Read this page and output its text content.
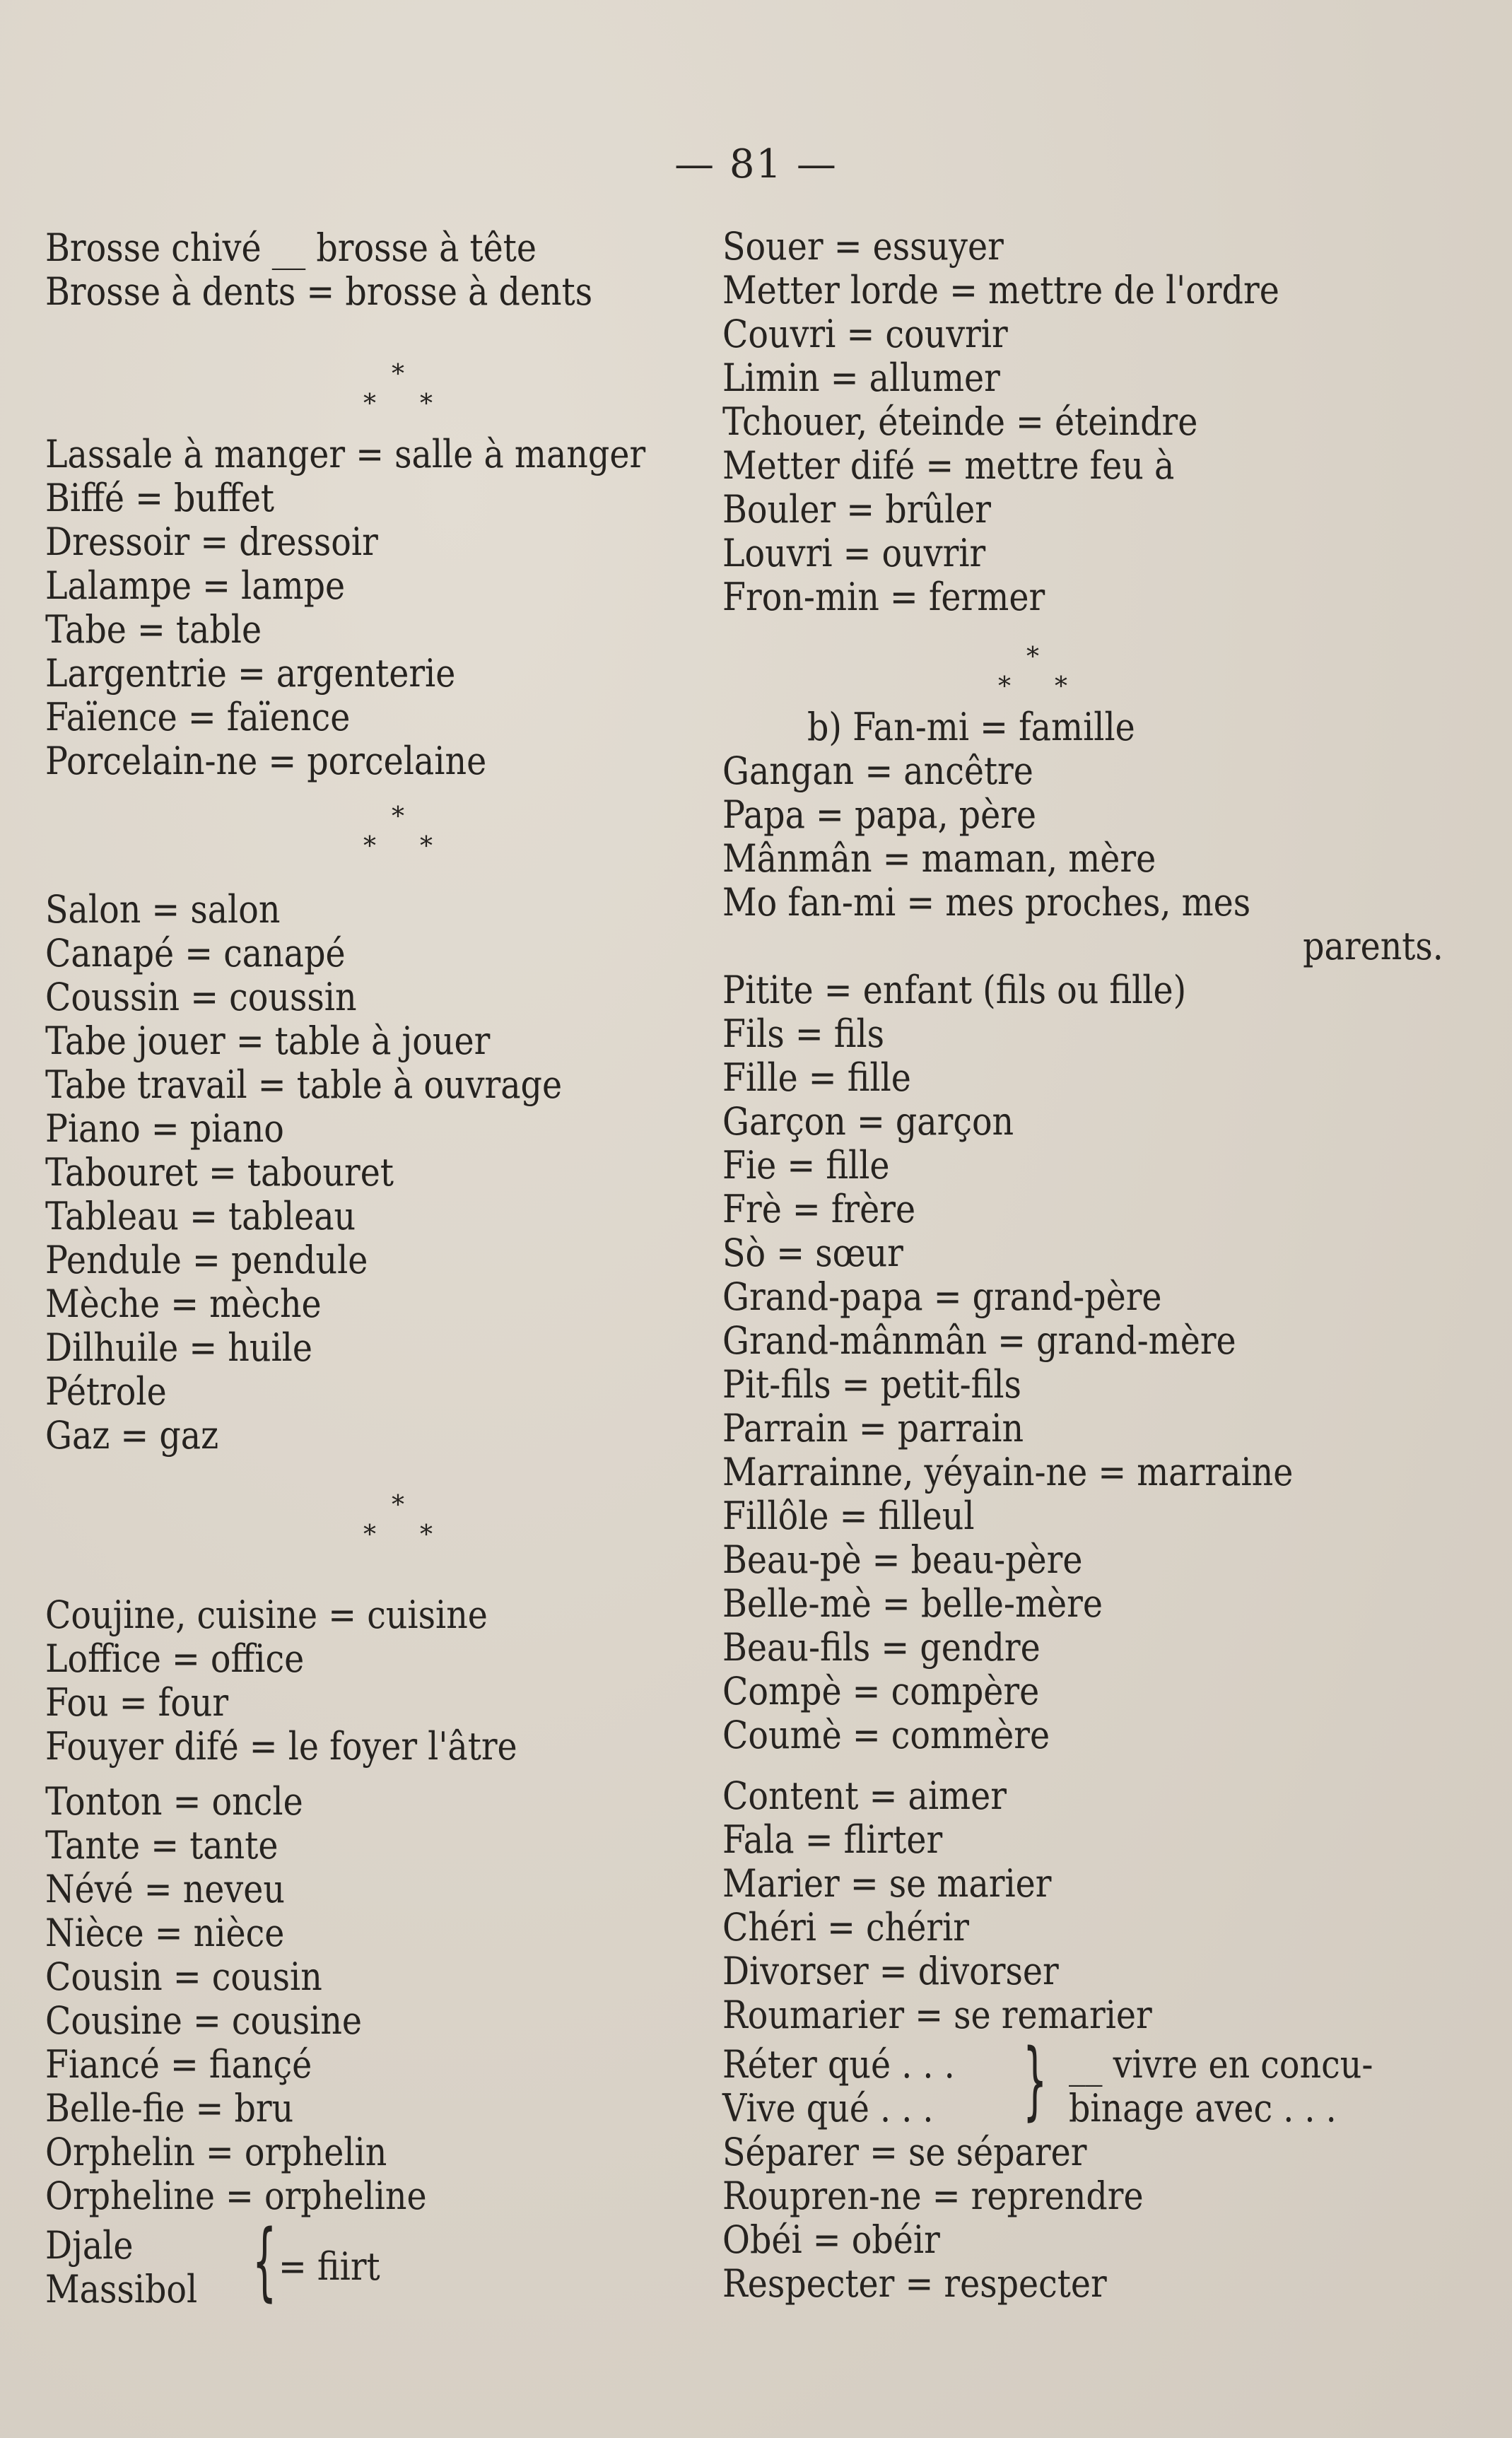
— 81 —
Brosse chivé __ brosse à tête
Brosse à dents = brosse à dents
*
* *
Lassale à manger = salle à manger
Biffé = buffet
Dressoir = dressoir
Lalampe = lampe
Tabe = table
Largentrie = argenterie
Faïence = faïence
Porcelain-ne = porcelaine
*
* *
Salon = salon
Canapé = canapé
Coussin = coussin
Tabe jouer = table à jouer
Tabe travail = table à ouvrage
Piano = piano
Tabouret = tabouret
Tableau = tableau
Pendule = pendule
Mèche = mèche
Dilhuile = huile
Pétrole
Gaz = gaz
*
* *
Coujine, cuisine = cuisine
Loffice = office
Fou = four
Fouyer difé = le foyer l'âtre
Tonton = oncle
Tante = tante
Névé = neveu
Nièce = nièce
Cousin = cousin
Cousine = cousine
Fiancé = fiançé
Belle-fie = bru
Orphelin = orphelin
Orpheline = orpheline
Djale
Massibol { = fiirt
Souer = essuyer
Metter lorde = mettre de l'ordre
Couvri = couvrir
Limin = allumer
Tchouer, éteinde = éteindre
Metter difé = mettre feu à
Bouler = brûler
Louvri = ouvrir
Fron-min = fermer
*
* *
b) Fan-mi = famille
Gangan = ancêtre
Papa = papa, père
Mânmân = maman, mère
Mo fan-mi = mes proches, mes
parents.
Pitite = enfant (fils ou fille)
Fils = fils
Fille = fille
Garçon = garçon
Fie = fille
Frè = frère
Sò = sœur
Grand-papa = grand-père
Grand-mânmân = grand-mère
Pit-fils = petit-fils
Parrain = parrain
Marrainne, yéyain-ne = marraine
Fillôle = filleul
Beau-pè = beau-père
Belle-mè = belle-mère
Beau-fils = gendre
Compè = compère
Coumè = commère
Content = aimer
Fala = flirter
Marier = se marier
Chéri = chérir
Divorser = divorser
Roumarier = se remarier
Réter qué . . .
Vive qué . . . } __ vivre en concu-
binage avec . . .
Séparer = se séparer
Roupren-ne = reprendre
Obéi = obéir
Respecter = respecter
